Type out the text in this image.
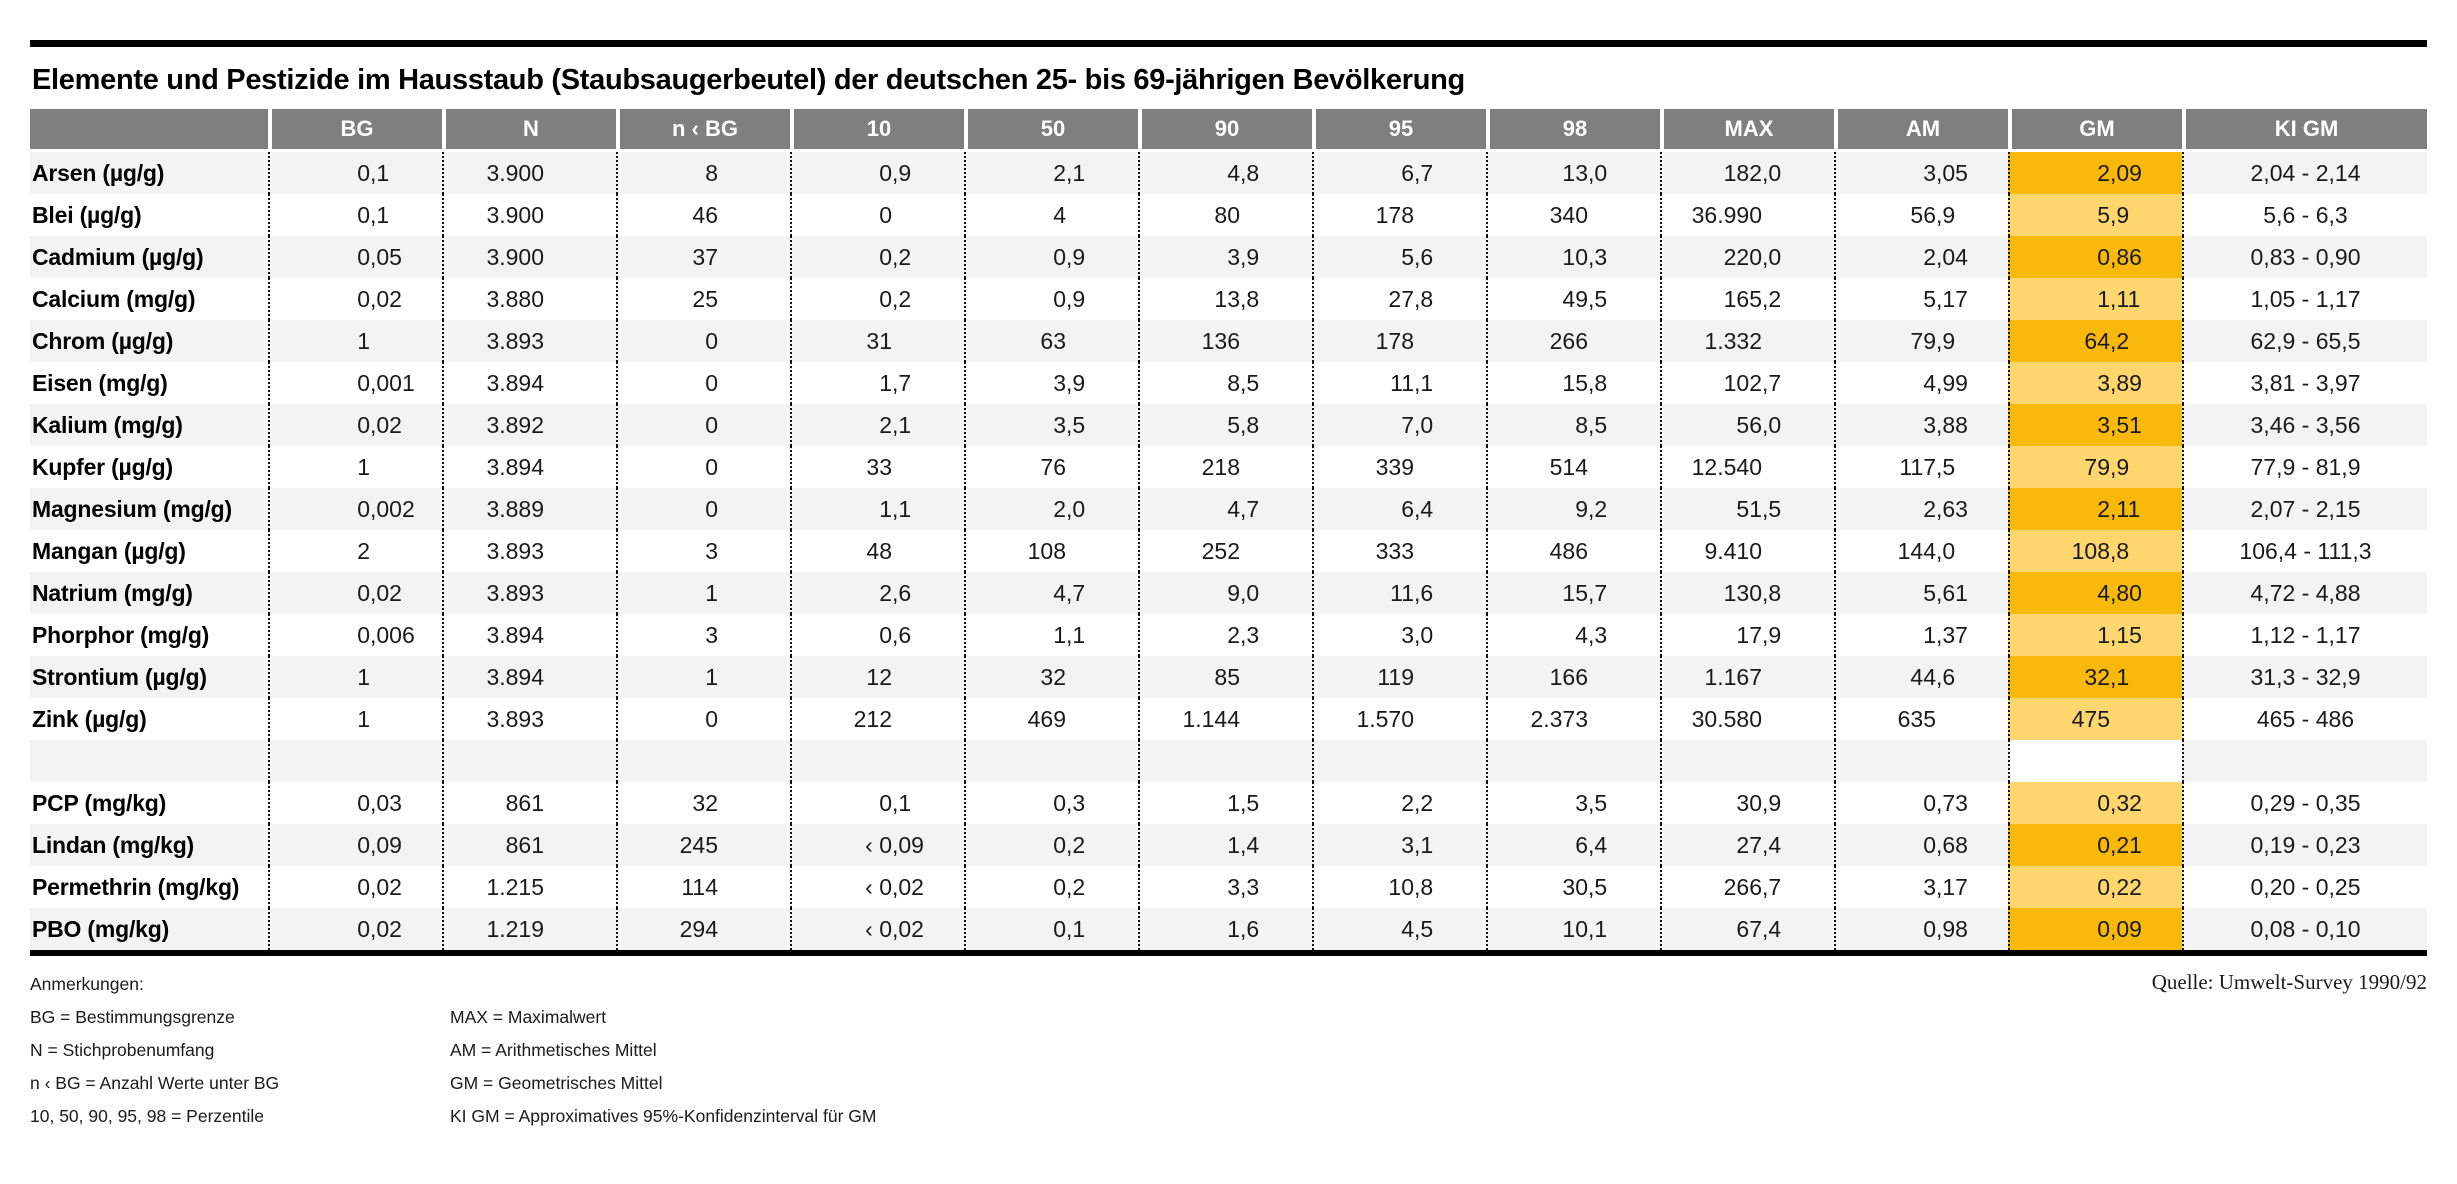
Elemente und Pestizide im Hausstaub (Staubsaugerbeutel) der deutschen 25- bis 69-jährigen Bevölkerung
	BG	N	n ‹ BG	10	50	90	95	98	MAX	AM	GM	KI GM
Arsen (µg/g)	0,1	3.900	8	0,9	2,1	4,8	6,7	13,0	182,0	3,05	2,09	2,04 - 2,14
Blei (µg/g)	0,1	3.900	46	0	4	80	178	340	36.990	56,9	5,9	5,6 - 6,3
Cadmium (µg/g)	0,05	3.900	37	0,2	0,9	3,9	5,6	10,3	220,0	2,04	0,86	0,83 - 0,90
Calcium (mg/g)	0,02	3.880	25	0,2	0,9	13,8	27,8	49,5	165,2	5,17	1,11	1,05 - 1,17
Chrom (µg/g)	1	3.893	0	31	63	136	178	266	1.332	79,9	64,2	62,9 - 65,5
Eisen (mg/g)	0,001	3.894	0	1,7	3,9	8,5	11,1	15,8	102,7	4,99	3,89	3,81 - 3,97
Kalium (mg/g)	0,02	3.892	0	2,1	3,5	5,8	7,0	8,5	56,0	3,88	3,51	3,46 - 3,56
Kupfer (µg/g)	1	3.894	0	33	76	218	339	514	12.540	117,5	79,9	77,9 - 81,9
Magnesium (mg/g)	0,002	3.889	0	1,1	2,0	4,7	6,4	9,2	51,5	2,63	2,11	2,07 - 2,15
Mangan (µg/g)	2	3.893	3	48	108	252	333	486	9.410	144,0	108,8	106,4 - 111,3
Natrium (mg/g)	0,02	3.893	1	2,6	4,7	9,0	11,6	15,7	130,8	5,61	4,80	4,72 - 4,88
Phorphor (mg/g)	0,006	3.894	3	0,6	1,1	2,3	3,0	4,3	17,9	1,37	1,15	1,12 - 1,17
Strontium (µg/g)	1	3.894	1	12	32	85	119	166	1.167	44,6	32,1	31,3 - 32,9
Zink (µg/g)	1	3.893	0	212	469	1.144	1.570	2.373	30.580	635	475	465 - 486

PCP (mg/kg)	0,03	861	32	0,1	0,3	1,5	2,2	3,5	30,9	0,73	0,32	0,29 - 0,35
Lindan (mg/kg)	0,09	861	245	‹ 0,09	0,2	1,4	3,1	6,4	27,4	0,68	0,21	0,19 - 0,23
Permethrin (mg/kg)	0,02	1.215	114	‹ 0,02	0,2	3,3	10,8	30,5	266,7	3,17	0,22	0,20 - 0,25
PBO (mg/kg)	0,02	1.219	294	‹ 0,02	0,1	1,6	4,5	10,1	67,4	0,98	0,09	0,08 - 0,10
Anmerkungen:
BG = Bestimmungsgrenze
N = Stichprobenumfang
n ‹ BG = Anzahl Werte unter BG
10, 50, 90, 95, 98 = Perzentile
MAX = Maximalwert
AM = Arithmetisches Mittel
GM = Geometrisches Mittel
KI GM = Approximatives 95%-Konfidenzinterval für GM
Quelle: Umwelt-Survey 1990/92
